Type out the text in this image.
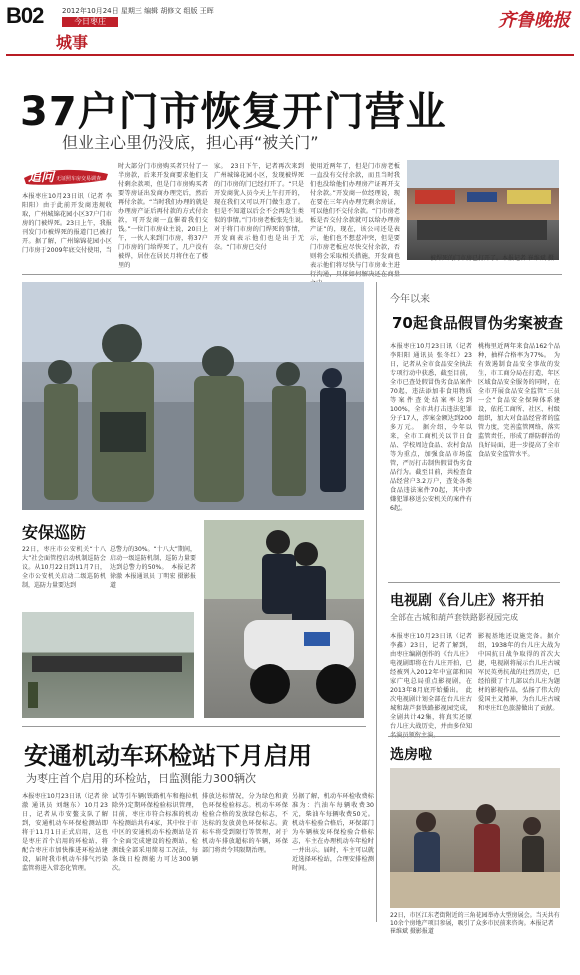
B02	2012年10月24日 星期三 编辑 胡修文 组版 王晖
今日枣庄
城事
齐鲁晚报
37户门市恢复开门营业
但业主心里仍没底，担心再“被关门”
追问 无证照车房交易调查
本报枣庄10月23日讯（记者 李阳阳）由于此前开发商违规收取，广州城锦花园小区37户门市房的门被焊死。23日上午，我报刊发门市被焊死的报道门已被打开。据了解，广州锦锦花园小区门市房于2009年底交付使用，当
时大部分门市房购买者只付了一半房款，后来开发商要求他们支付剩余款项，但是门市房购买者要等房证出发商办理完后，然后再付余款。“当时我们办理的就是办理房产证后再付款的方式付余款，可开发商一直催着我们交钱。”一位门市房业主说，20日上午，一伙人来到门市房，将37户门市房的门给焊死了，几户没有被焊，居住在居民月将住在了楼里的
家。　23日下午，记者再次来到广州城锦花园小区，发现被焊死的门市房的门已经打开了。“只是开发商犹人员今天上午打开的，现在我们又可以开门做生意了。但是不知道以后会不会再发生类似的事情。”门市房老板张先生说。　对于将门市房的门焊死的事情，开发商表示他们也是出于无奈。“门市房已交付
使用近两年了，但是门市房老板一直没有交付余款，而且当时我们也没给他们办理房产证再开支付余款。”开发商一位经理说，现在要在三年内办理完剩余房证，可以他们不交付余款。“门市房老板是否交付余款就可以给办理房产证”的，现在，该公司还是表示，他们也不想惹冲突，但是要门市房老板应尽快交付余款，否则将会采取相关措施，开发商也表示他们将尽快与门市房业主进
被焊死的门市房已打开了。本报记者 崔维斌 摄
安保巡防
22日，枣庄市公安机关“十八大”社会面管控启动机制巡防会议。从10月22日到11月7日，全市公安机关启动二级巡防机制，巡防力量要达到
总警力的30%。“十八大”期间，启动一级巡防机制，巡防力量要达到总警力的50%。　本报记者 徐澈 本报通讯员 丁明宏 摄影报道
今年以来
70起食品假冒伪劣案被查
本报枣庄10月23日讯（记者 李阳阳 通讯员 张冬红）23日，记者从全市食品安全执法专项行动中获悉，截至目前，全市已查处假冒伪劣食品案件70起，违法添加非食用物质等案件查处结案率达到100%，全市共打击违法犯罪分子17人，涉案金额达到200多万元。　据介绍，今年以来，全市工商机关以节日食品、学校周边食品、农村食品等为重点，加强食品市场监管，严厉打击制售假冒伪劣食品行为。截至目前，共检查食品经营户3.2万户，查处各类食品违法案件70起，其中涉嫌犯罪移送公安机关的案件有6起。
桃梅里近两年来食品162个品种，抽样合格率为77%。　为有效遏制食品安全事故的发生，市工商分局在打造，年区区域食品安全服务的同时，在全市开展食品安全监管“三员一会”食品安全保障体系建设，依托工商所、社区、村级组织，加大对食品经营者的监管力度，完善监管网络，落实监管责任，形成了群防群治的良好局面，进一步提高了全市食品安全监管水平。
电视剧《台儿庄》将开拍
全部在古城和葫芦套铁路影视园完成
本报枣庄10月23日讯（记者 李鑫）23日，记者了解到，由枣庄编剧创作的《台儿庄》电视剧即将在台儿庄开拍，已经被列入2012年中宣部和国家广电总局重点影视剧，在2013年8月底开始播出。　此次电视剧计划全部在台儿庄古城和葫芦套铁路影视园完成，全剧共计42集，将真实还原台儿庄大战历史，并由多位知
影视基地还设施完备。据介绍，1938年的台儿庄大战为中国抗日战争取得的首次大捷，电视剧将展示台儿庄古城军民英勇抗战的壮烈历史，已经拍摄了十几部以台儿庄为题材的影视作品，弘扬了伟大的爱国主义精神，为台儿庄古城和枣庄红色旅游做出了贡献。
安通机动车环检站下月启用
为枣庄首个启用的环检站，日监测能力300辆次
本报枣庄10月23日讯（记者 徐澈 通讯员 刘继东）10月23日，记者从市安鳌支队了解到，安通机动车环保检测站即将于11月1日正式启用，这也是枣庄首个启用的环检站，将配合枣庄市加快推进环检站建设，届时我市机动车排气污染监管将进入常态化管理。
试等引车辆(铁路机车和拖拉机除外)定期环保检验标识管理，目前，枣庄市符合标准的机动车检测站共有4家，其中位于市中区的安通机动车检测站是首个全面完成建设的检测站，检测线全部采用简易工况法，每条线日检测能力可达300辆次。
排放达标情况，分为绿色和黄色环保检验标志。机动车环保检验合格的发放绿色标志，不达标的发放黄色环保标志。黄标车将受到限行等管理，对于机动车排放超标的车辆，环保部门将责令其限期治理。
另据了解，机动车环检收费标准为：汽油车每辆收费30元，柴油车每辆收费50元。机动车检验合格后，环保部门为车辆核发环保检验合格标志，车主在办理机动车年检时一并出示。届时，车主可以就近选择环检站，合理安排检测时间。
选房啦
22日，市区江东老街附近的三角花园举办大型房展会。当天共有10余个房地产项目参展，吸引了众多市民前来咨询。本报记者 崔维斌 摄影报道
